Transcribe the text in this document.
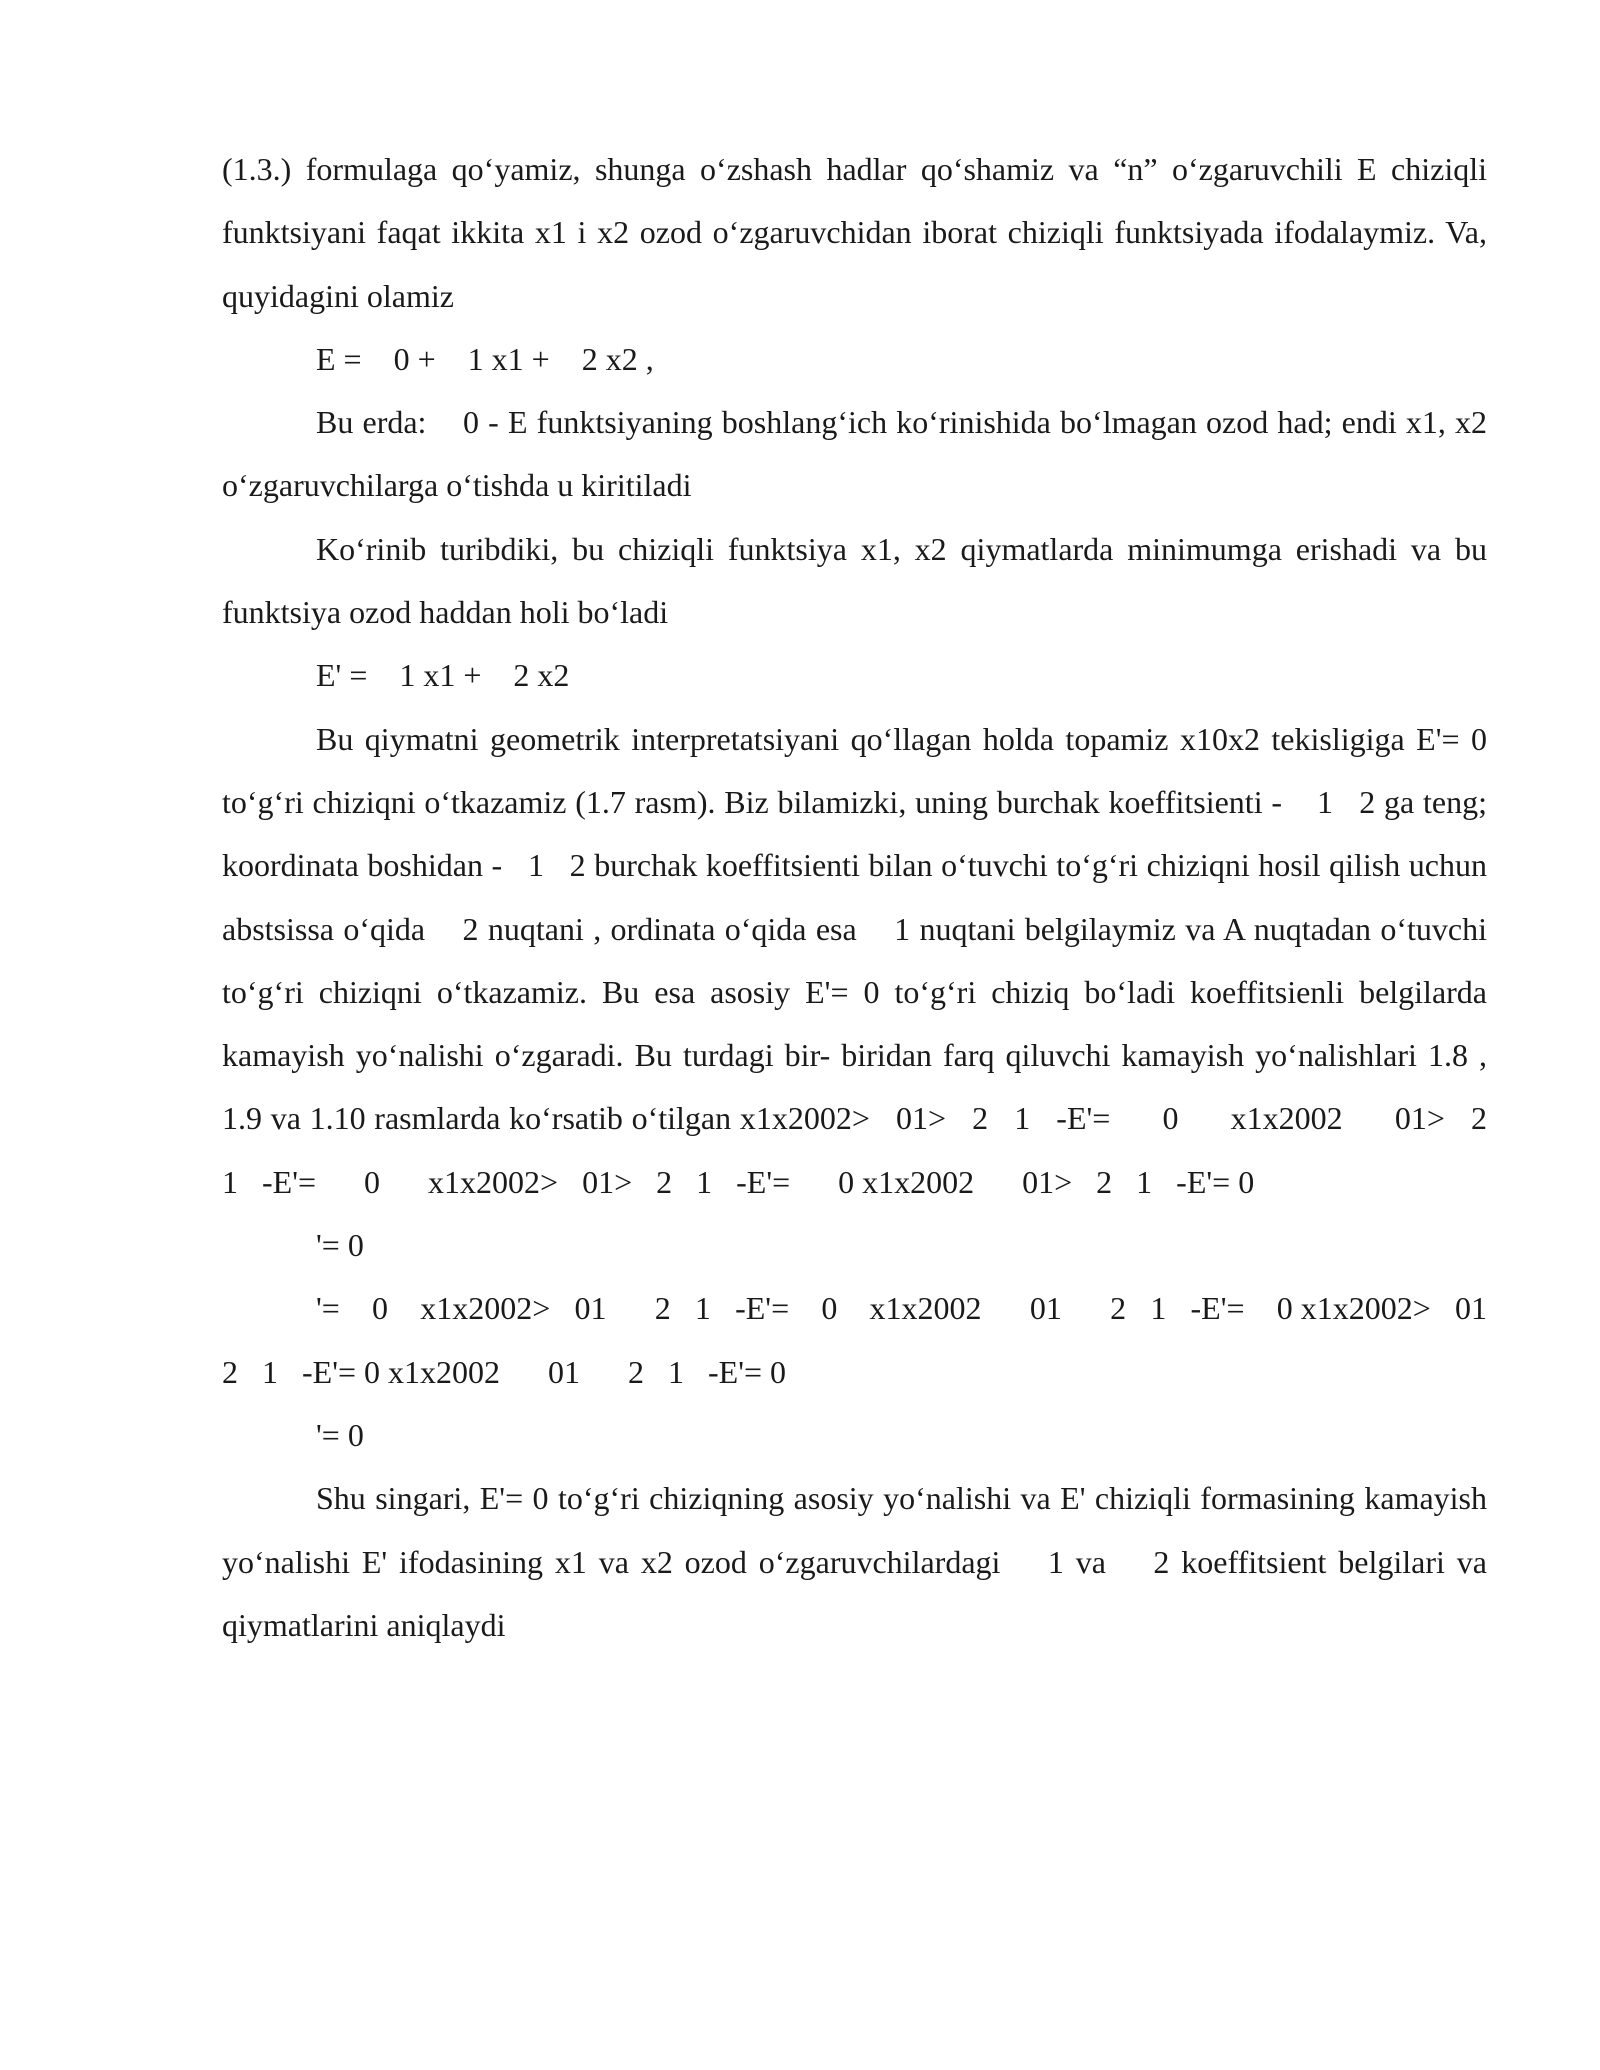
(1.3.) formulaga qo‘yamiz, shunga o‘zshash hadlar qo‘shamiz va “n” o‘zgaruvchili E chiziqli funktsiyani faqat ikkita x1 i x2 ozod o‘zgaruvchidan iborat chiziqli funktsiyada ifodalaymiz. Va, quyidagini olamiz

E =    0 +    1 x1 +    2 x2 ,

Bu erda:    0 - E funktsiyaning boshlang‘ich ko‘rinishida bo‘lmagan ozod had; endi x1, x2 o‘zgaruvchilarga o‘tishda u kiritiladi

Ko‘rinib turibdiki, bu chiziqli funktsiya x1, x2 qiymatlarda minimumga erishadi va bu funktsiya ozod haddan holi bo‘ladi

E' =    1 x1 +    2 x2

Bu qiymatni geometrik interpretatsiyani qo‘llagan holda topamiz x10x2 tekisligiga E'= 0 to‘g‘ri chiziqni o‘tkazamiz (1.7 rasm). Biz bilamizki, uning burchak koeffitsienti -    1   2 ga teng; koordinata boshidan -   1   2 burchak koeffitsienti bilan o‘tuvchi to‘g‘ri chiziqni hosil qilish uchun abstsissa o‘qida    2 nuqtani , ordinata o‘qida esa    1 nuqtani belgilaymiz va A nuqtadan o‘tuvchi to‘g‘ri chiziqni o‘tkazamiz. Bu esa asosiy E'= 0 to‘g‘ri chiziq bo‘ladi koeffitsienli belgilarda kamayish yo‘nalishi o‘zgaradi. Bu turdagi bir- biridan farq qiluvchi kamayish yo‘nalishlari 1.8 , 1.9 va 1.10 rasmlarda ko‘rsatib o‘tilgan x1x2002>   01>   2   1   -E'=      0      x1x2002      01>   2   1   -E'=      0      x1x2002>   01>   2   1   -E'=      0 x1x2002      01>   2   1   -E'= 0

'= 0

'=    0    x1x2002>   01      2   1   -E'=    0    x1x2002      01      2   1   -E'=    0 x1x2002>   01      2   1   -E'= 0 x1x2002      01      2   1   -E'= 0

'= 0

Shu singari, E'= 0 to‘g‘ri chiziqning asosiy yo‘nalishi va E' chiziqli formasining kamayish yo‘nalishi E' ifodasining x1 va x2 ozod o‘zgaruvchilardagi    1 va    2 koeffitsient belgilari va qiymatlarini aniqlaydi
